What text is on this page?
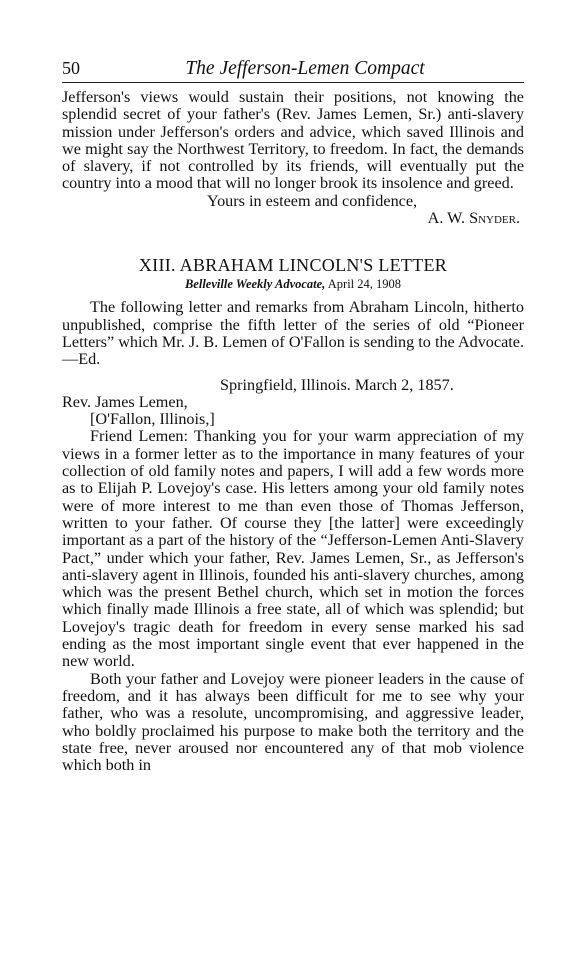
50	The Jefferson-Lemen Compact

Jefferson's views would sustain their positions, not knowing the splendid secret of your father's (Rev. James Lemen, Sr.) anti-slavery mission under Jefferson's orders and advice, which saved Illinois and we might say the Northwest Territory, to freedom. In fact, the demands of slavery, if not controlled by its friends, will eventually put the country into a mood that will no longer brook its insolence and greed.

Yours in esteem and confidence,

A. W. Snyder.

XIII. ABRAHAM LINCOLN'S LETTER
Belleville Weekly Advocate, April 24, 1908

The following letter and remarks from Abraham Lincoln, hitherto unpublished, comprise the fifth letter of the series of old “Pioneer Letters” which Mr. J. B. Lemen of O'Fallon is sending to the Advocate.—Ed.

Springfield, Illinois. March 2, 1857.

Rev. James Lemen,

[O'Fallon, Illinois,]

Friend Lemen: Thanking you for your warm appreciation of my views in a former letter as to the importance in many features of your collection of old family notes and papers, I will add a few words more as to Elijah P. Lovejoy's case. His letters among your old family notes were of more interest to me than even those of Thomas Jefferson, written to your father. Of course they [the latter] were exceedingly important as a part of the history of the “Jefferson-Lemen Anti-Slavery Pact,” under which your father, Rev. James Lemen, Sr., as Jefferson's anti-slavery agent in Illinois, founded his anti-slavery churches, among which was the present Bethel church, which set in motion the forces which finally made Illinois a free state, all of which was splendid; but Lovejoy's tragic death for freedom in every sense marked his sad ending as the most important single event that ever happened in the new world.

Both your father and Lovejoy were pioneer leaders in the cause of freedom, and it has always been difficult for me to see why your father, who was a resolute, uncompromising, and aggressive leader, who boldly proclaimed his purpose to make both the territory and the state free, never aroused nor encountered any of that mob violence which both in
